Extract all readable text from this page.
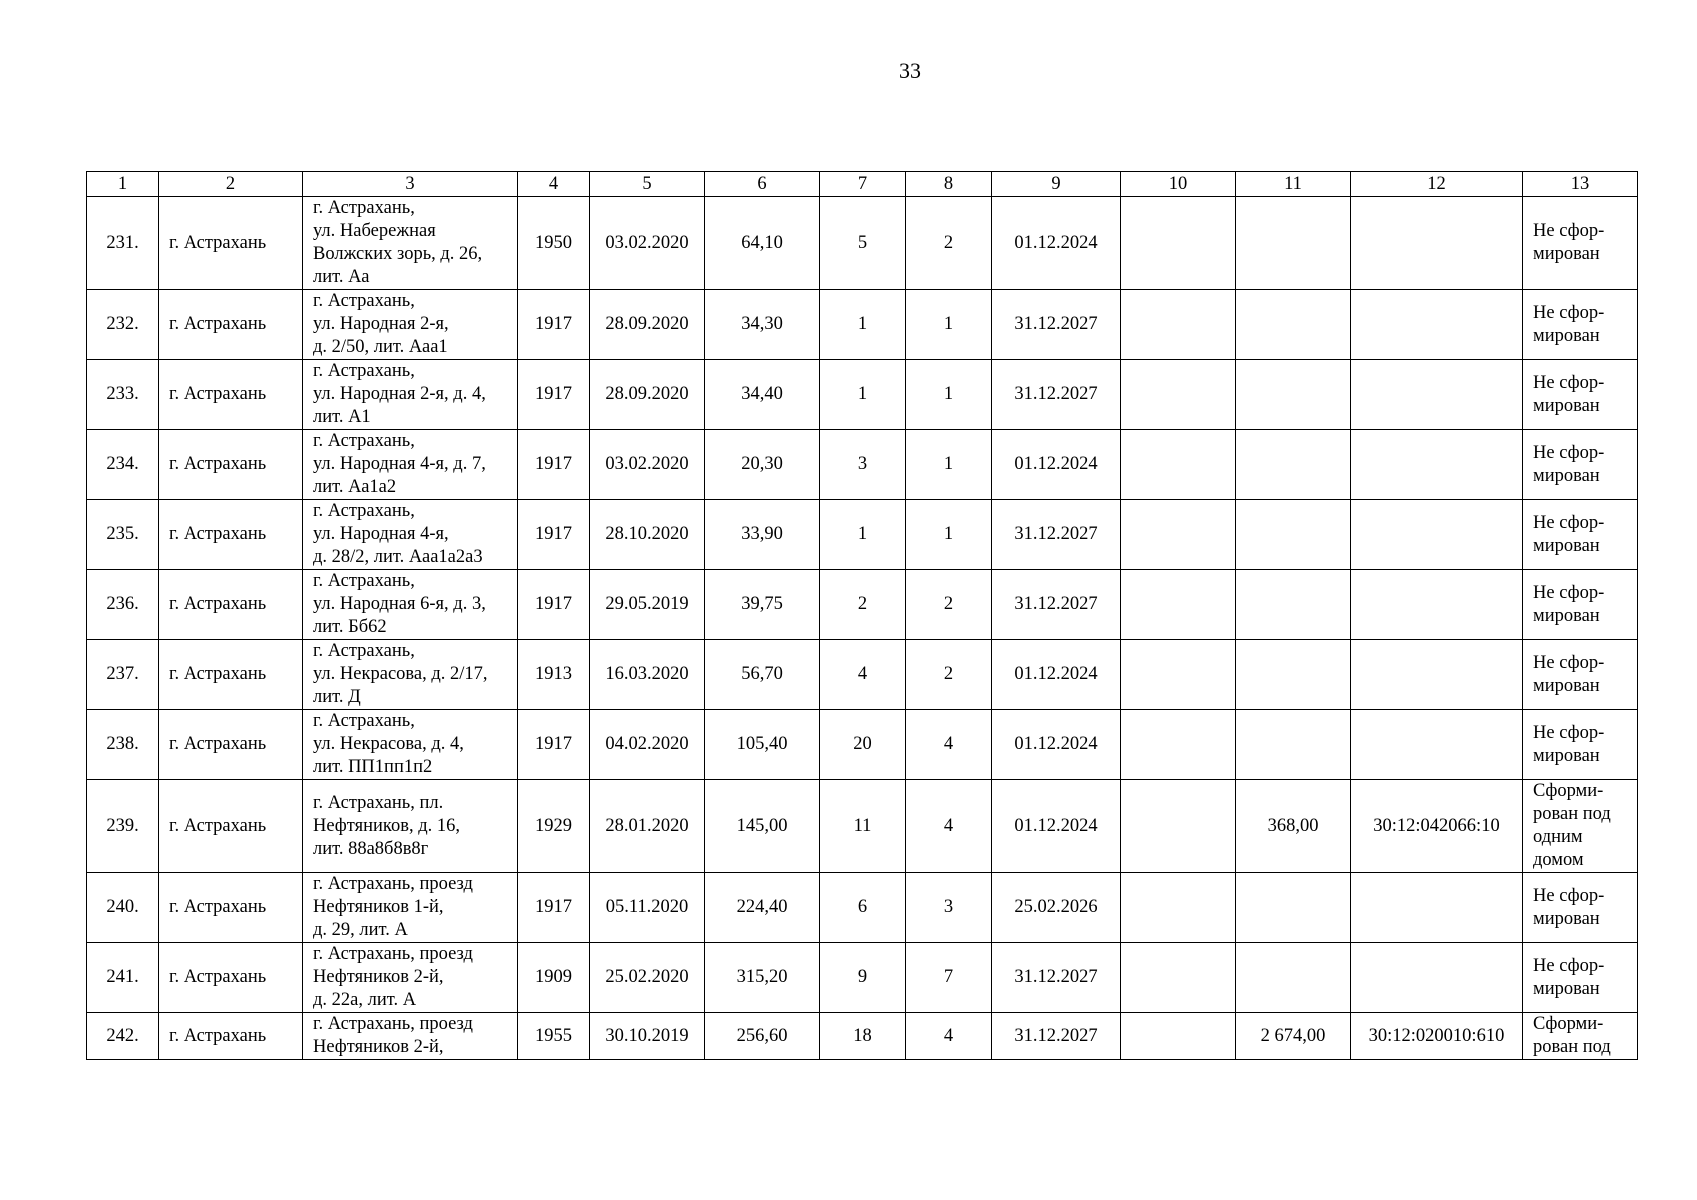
33
1	2	3	4	5	6	7	8	9	10	11	12	13
231.	г. Астрахань	г. Астрахань,
ул. Набережная
Волжских зорь, д. 26,
лит. Аа	1950	03.02.2020	64,10	5	2	01.12.2024				Не сфор-
мирован
232.	г. Астрахань	г. Астрахань,
ул. Народная 2-я,
д. 2/50, лит. Ааа1	1917	28.09.2020	34,30	1	1	31.12.2027				Не сфор-
мирован
233.	г. Астрахань	г. Астрахань,
ул. Народная 2-я, д. 4,
лит. А1	1917	28.09.2020	34,40	1	1	31.12.2027				Не сфор-
мирован
234.	г. Астрахань	г. Астрахань,
ул. Народная 4-я, д. 7,
лит. Аа1а2	1917	03.02.2020	20,30	3	1	01.12.2024				Не сфор-
мирован
235.	г. Астрахань	г. Астрахань,
ул. Народная 4-я,
д. 28/2, лит. Ааа1а2а3	1917	28.10.2020	33,90	1	1	31.12.2027				Не сфор-
мирован
236.	г. Астрахань	г. Астрахань,
ул. Народная 6-я, д. 3,
лит. Бб62	1917	29.05.2019	39,75	2	2	31.12.2027				Не сфор-
мирован
237.	г. Астрахань	г. Астрахань,
ул. Некрасова, д. 2/17,
лит. Д	1913	16.03.2020	56,70	4	2	01.12.2024				Не сфор-
мирован
238.	г. Астрахань	г. Астрахань,
ул. Некрасова, д. 4,
лит. ПП1пп1п2	1917	04.02.2020	105,40	20	4	01.12.2024				Не сфор-
мирован
239.	г. Астрахань	г. Астрахань, пл.
Нефтяников, д. 16,
лит. 88а8б8в8г	1929	28.01.2020	145,00	11	4	01.12.2024		368,00	30:12:042066:10	Сформи-
рован под
одним
домом
240.	г. Астрахань	г. Астрахань, проезд
Нефтяников 1-й,
д. 29, лит. А	1917	05.11.2020	224,40	6	3	25.02.2026				Не сфор-
мирован
241.	г. Астрахань	г. Астрахань, проезд
Нефтяников 2-й,
д. 22а, лит. А	1909	25.02.2020	315,20	9	7	31.12.2027				Не сфор-
мирован
242.	г. Астрахань	г. Астрахань, проезд
Нефтяников 2-й,	1955	30.10.2019	256,60	18	4	31.12.2027		2 674,00	30:12:020010:610	Сформи-
рован под
